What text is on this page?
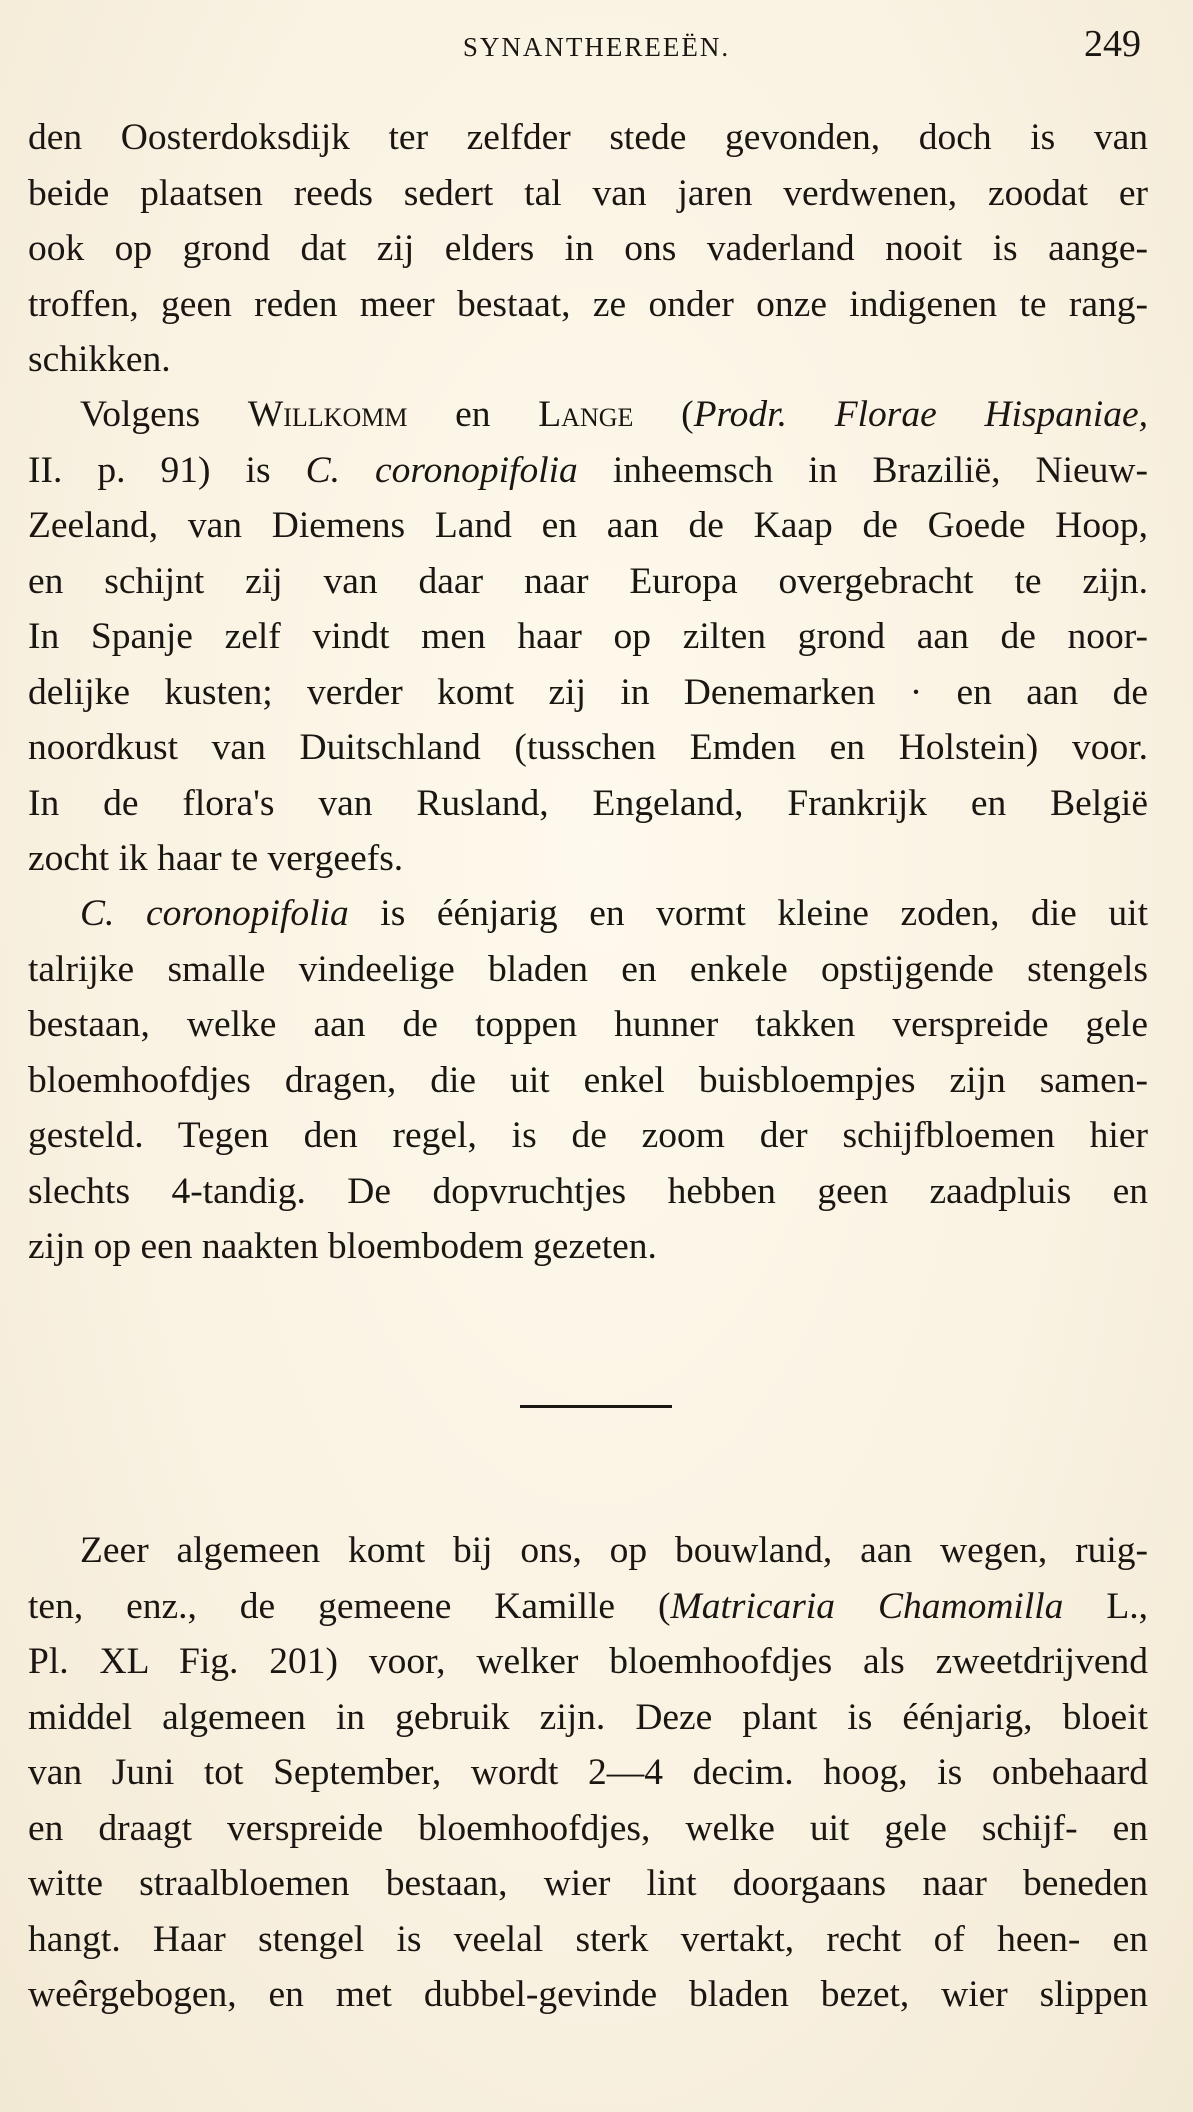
SYNANTHEREEËN.	249
den Oosterdoksdijk ter zelfder stede gevonden, doch is van
beide plaatsen reeds sedert tal van jaren verdwenen, zoodat er
ook op grond dat zij elders in ons vaderland nooit is aange-
troffen, geen reden meer bestaat, ze onder onze indigenen te rang-
schikken.
Volgens Willkomm en Lange (Prodr. Florae Hispaniae,
II. p. 91) is C. coronopifolia inheemsch in Brazilië, Nieuw-
Zeeland, van Diemens Land en aan de Kaap de Goede Hoop,
en schijnt zij van daar naar Europa overgebracht te zijn.
In Spanje zelf vindt men haar op zilten grond aan de noor-
delijke kusten; verder komt zij in Denemarken · en aan de
noordkust van Duitschland (tusschen Emden en Holstein) voor.
In de flora's van Rusland, Engeland, Frankrijk en België
zocht ik haar te vergeefs.
C. coronopifolia is éénjarig en vormt kleine zoden, die uit
talrijke smalle vindeelige bladen en enkele opstijgende stengels
bestaan, welke aan de toppen hunner takken verspreide gele
bloemhoofdjes dragen, die uit enkel buisbloempjes zijn samen-
gesteld. Tegen den regel, is de zoom der schijfbloemen hier
slechts 4-tandig. De dopvruchtjes hebben geen zaadpluis en
zijn op een naakten bloembodem gezeten.
Zeer algemeen komt bij ons, op bouwland, aan wegen, ruig-
ten, enz., de gemeene Kamille (Matricaria Chamomilla L.,
Pl. XL Fig. 201) voor, welker bloemhoofdjes als zweetdrijvend
middel algemeen in gebruik zijn. Deze plant is éénjarig, bloeit
van Juni tot September, wordt 2—4 decim. hoog, is onbehaard
en draagt verspreide bloemhoofdjes, welke uit gele schijf- en
witte straalbloemen bestaan, wier lint doorgaans naar beneden
hangt. Haar stengel is veelal sterk vertakt, recht of heen- en
weêrgebogen, en met dubbel-gevinde bladen bezet, wier slippen
